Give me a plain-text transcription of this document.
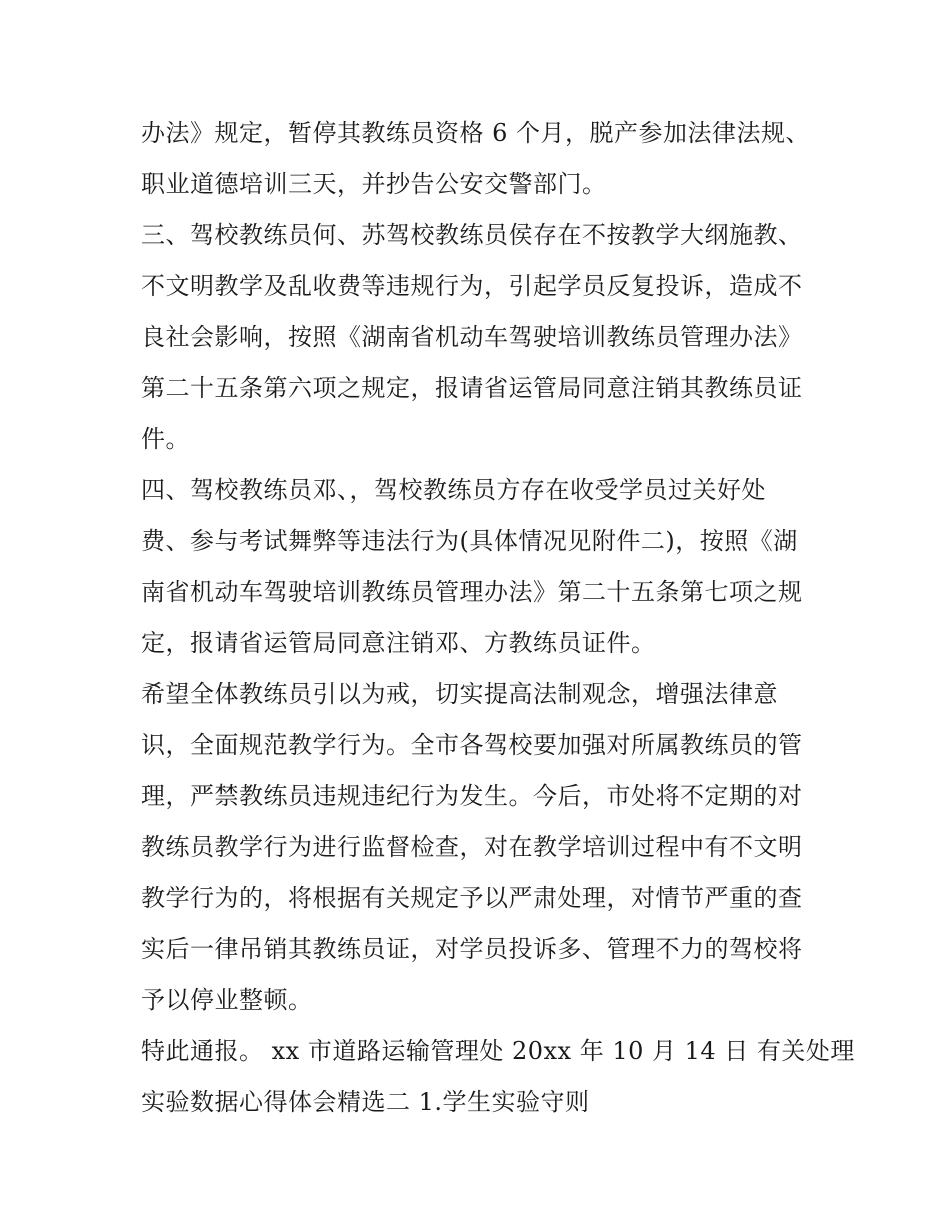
办法》规定，暂停其教练员资格 6 个月，脱产参加法律法规、
职业道德培训三天，并抄告公安交警部门。
三、驾校教练员何、苏驾校教练员侯存在不按教学大纲施教、
不文明教学及乱收费等违规行为，引起学员反复投诉，造成不
良社会影响，按照《湖南省机动车驾驶培训教练员管理办法》
第二十五条第六项之规定，报请省运管局同意注销其教练员证
件。
四、驾校教练员邓、，驾校教练员方存在收受学员过关好处
费、参与考试舞弊等违法行为(具体情况见附件二)，按照《湖
南省机动车驾驶培训教练员管理办法》第二十五条第七项之规
定，报请省运管局同意注销邓、方教练员证件。
希望全体教练员引以为戒，切实提高法制观念，增强法律意
识，全面规范教学行为。全市各驾校要加强对所属教练员的管
理，严禁教练员违规违纪行为发生。今后，市处将不定期的对
教练员教学行为进行监督检查，对在教学培训过程中有不文明
教学行为的，将根据有关规定予以严肃处理，对情节严重的查
实后一律吊销其教练员证，对学员投诉多、管理不力的驾校将
予以停业整顿。
特此通报。 xx 市道路运输管理处 20xx 年 10 月 14 日 有关处理
实验数据心得体会精选二 1.学生实验守则
